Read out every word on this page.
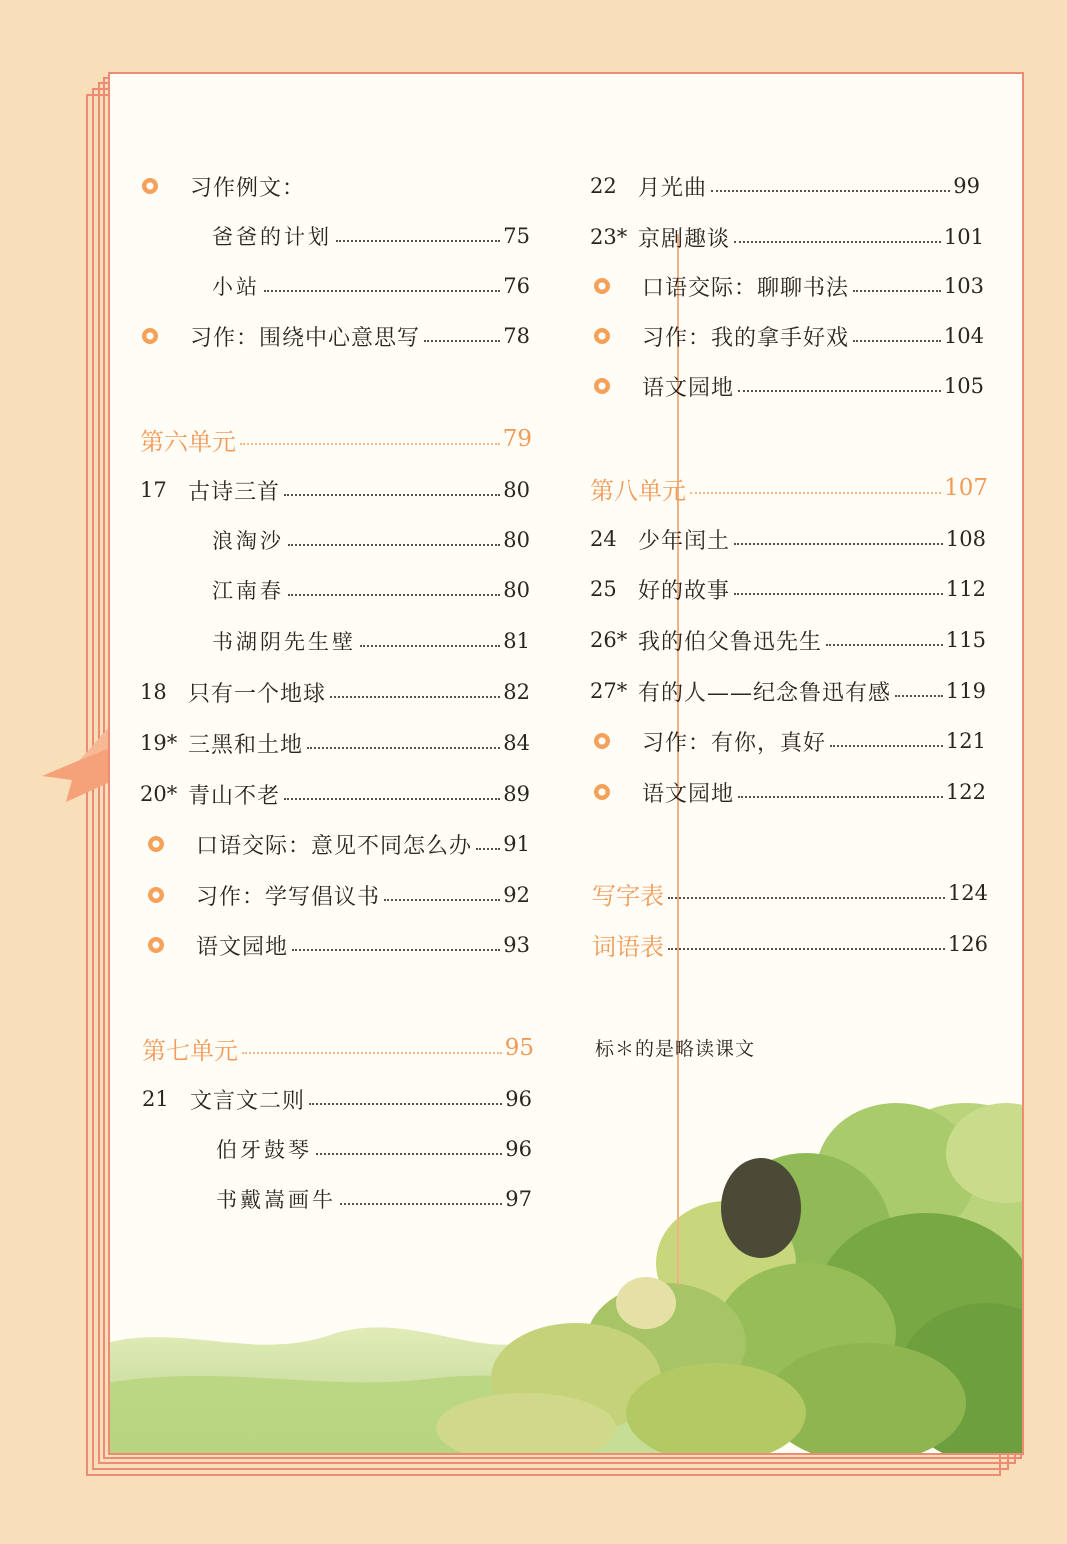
习作例文：
爸爸的计划	75
小站	76
习作：围绕中心意思写	78
第六单元	79
17 古诗三首	80
浪淘沙	80
江南春	80
书湖阴先生壁	81
18 只有一个地球	82
19* 三黑和土地	84
20* 青山不老	89
口语交际：意见不同怎么办 91
习作：学写倡议书	92
语文园地	93
第七单元	95
21 文言文二则	96
伯牙鼓琴	96
书戴嵩画牛	97
22 月光曲	99
23* 京剧趣谈	101
口语交际：聊聊书法	103
习作：我的拿手好戏	104
语文园地	105
第八单元	107
24 少年闰土	108
25 好的故事	112
26* 我的伯父鲁迅先生	115
27* 有的人——纪念鲁迅有感	119
习作：有你，真好	121
语文园地	122
写字表	124
词语表	126
标＊的是略读课文
